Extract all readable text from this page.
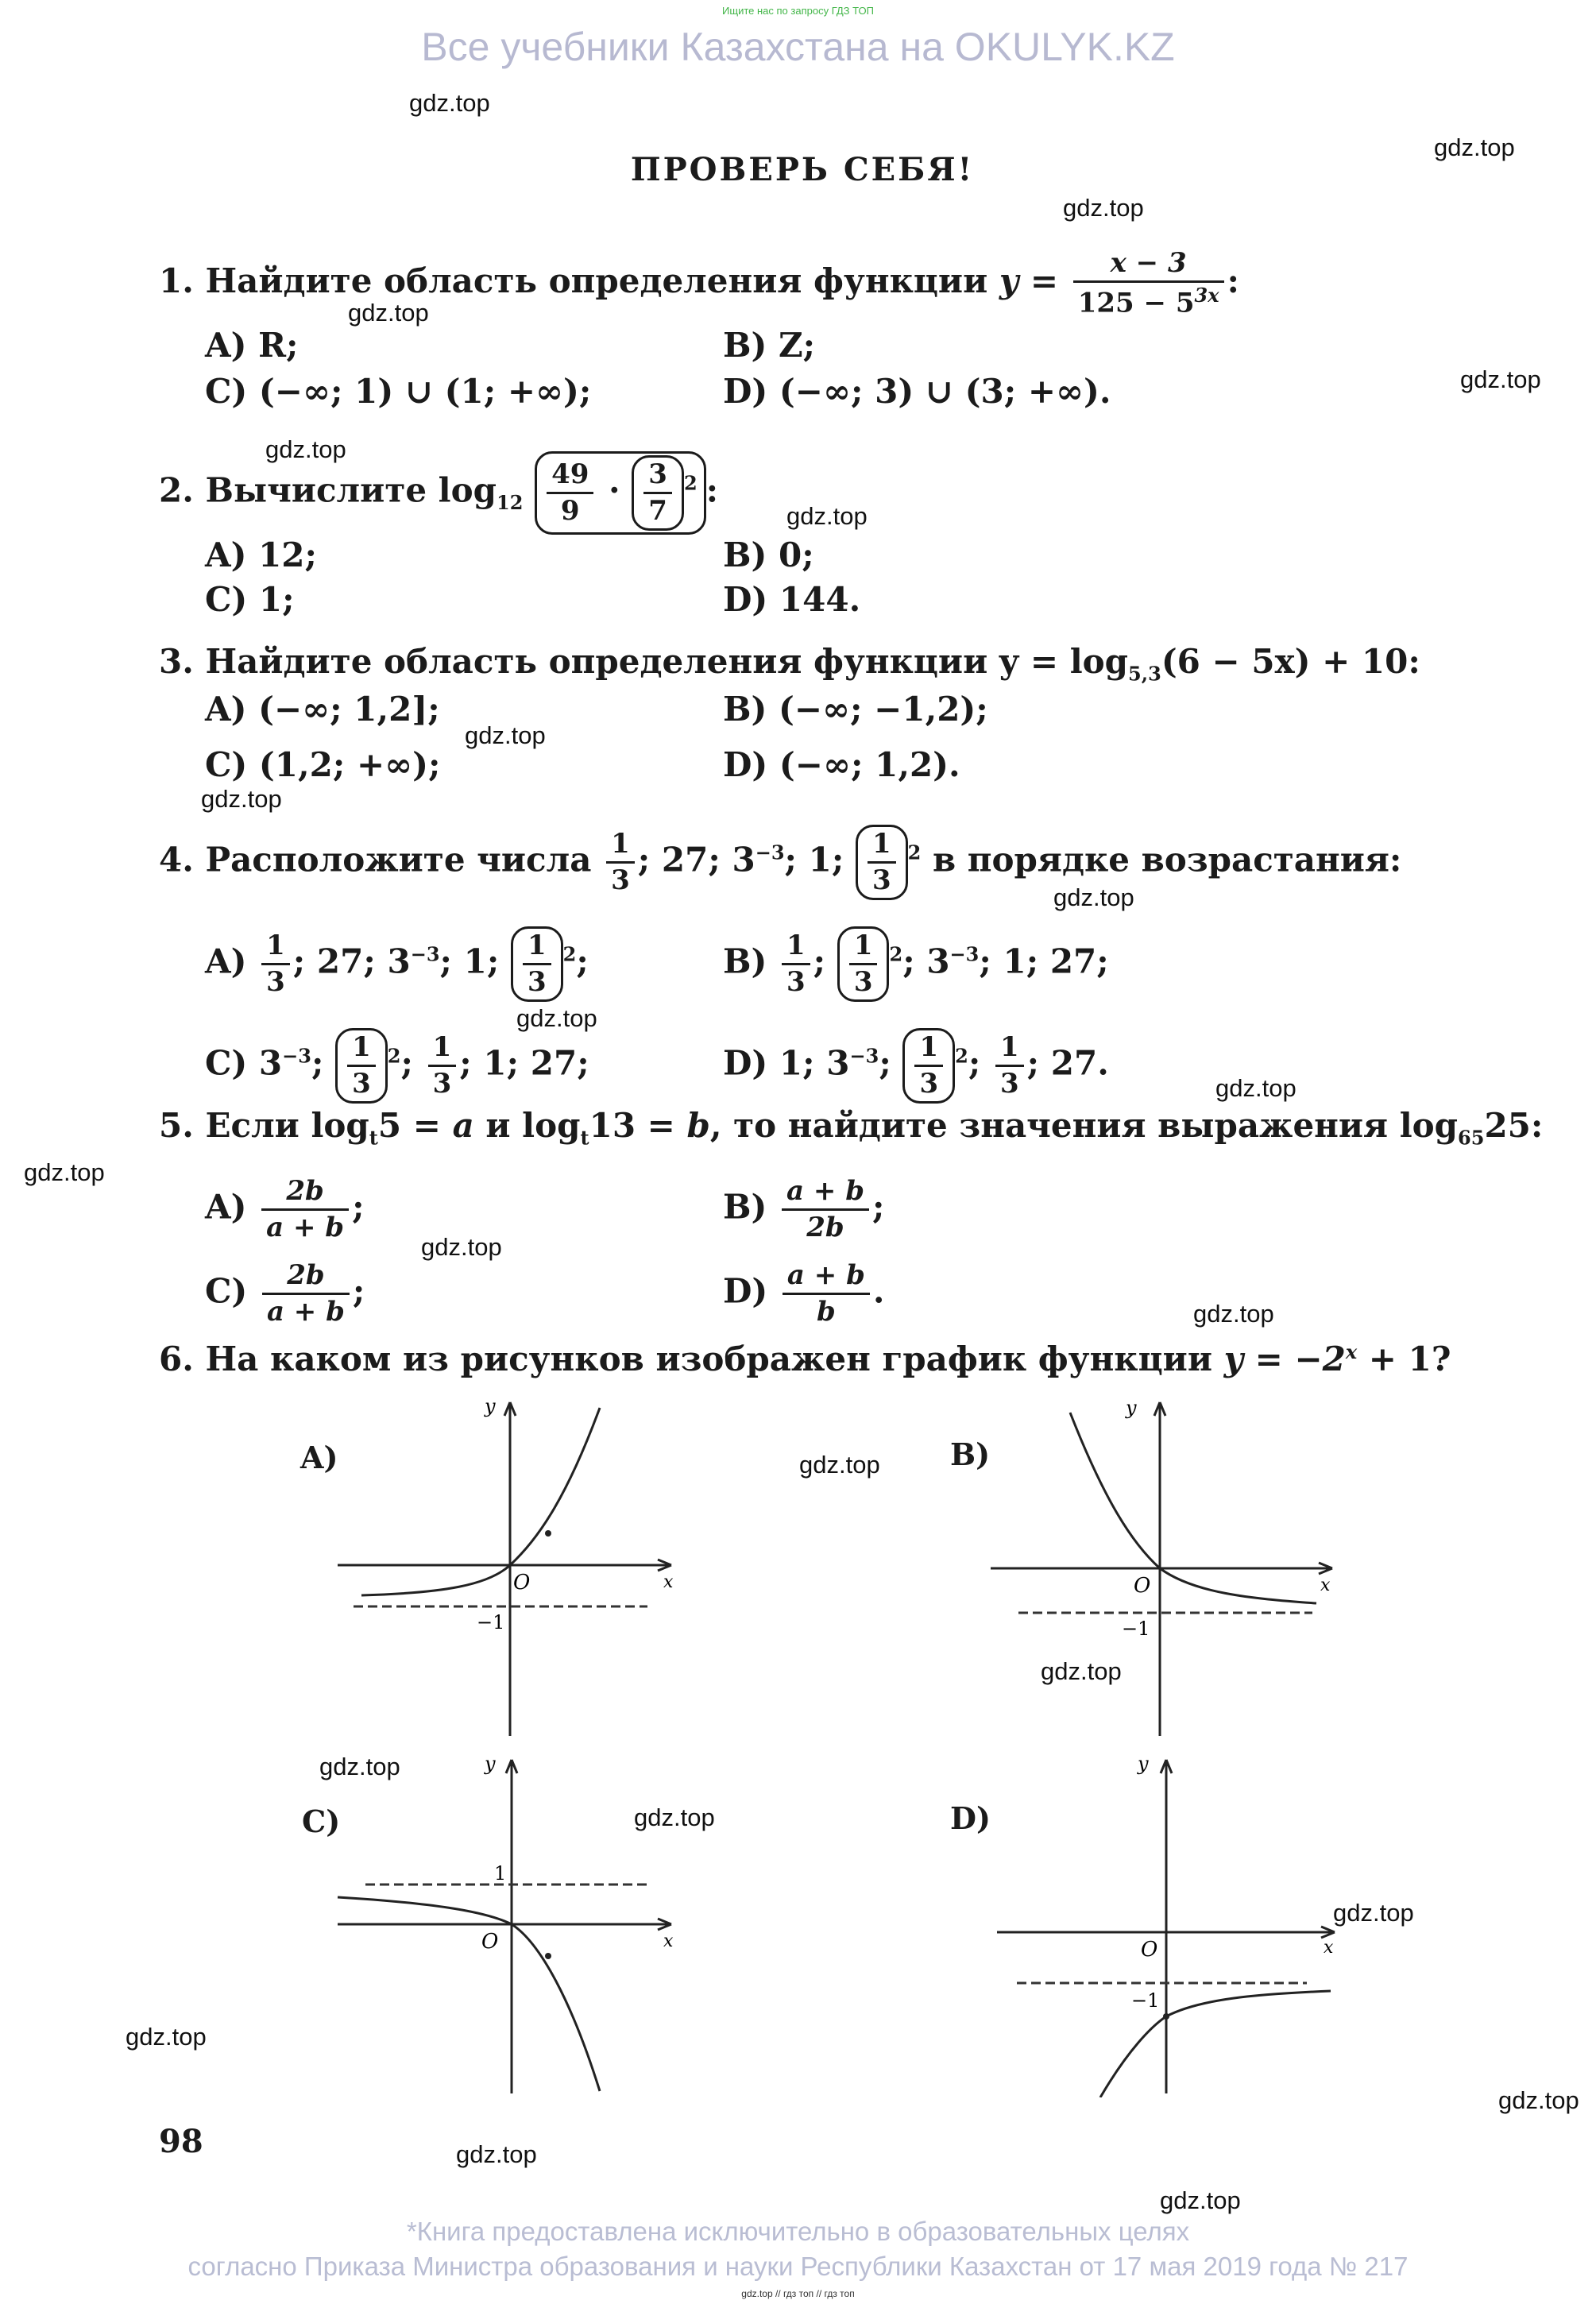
Ищите нас по запросу ГДЗ ТОП
Все учебники Казахстана на OKULYK.KZ
gdz.top
gdz.top
gdz.top
gdz.top
gdz.top
gdz.top
gdz.top
gdz.top
gdz.top
gdz.top
gdz.top
gdz.top
gdz.top
gdz.top
gdz.top
gdz.top
gdz.top
gdz.top
gdz.top
gdz.top
gdz.top
gdz.top
gdz.top
gdz.top
ПРОВЕРЬ СЕБЯ!
1. Найдите область определения функции $y = \frac{x - 3}{125 - 5^{3x}}$ :
A) R;	B) Z;
C) (−∞; 1) ∪ (1; +∞);	D) (−∞; 3) ∪ (3; +∞).
2. Вычислите $\log_{12} \frac{49}{9} \cdot \frac{3}{7} ^2$ :
A) 12;	B) 0;
C) 1;	D) 144.
3. Найдите область определения функции $y = \log_{5,3}(6 - 5x) + 10$:
A) (−∞; 1,2];	B) (−∞; −1,2);
C) (1,2; +∞);	D) (−∞; 1,2).
4. Расположите числа $\frac{1}{3}$ ; 27; $3^{-3}$; 1; $\frac{1}{3} ^2$ в порядке возрастания:
$A) \frac{1}{3}$ ; 27; $3^{-3}$; 1; $\frac{1}{3} ^2$;	$B) \frac{1}{3}$ ; $\frac{1}{3} ^2$; $3^{-3}$; 1; 27;
C) $3^{-3}$; $\frac{1}{3} ^2$; $\frac{1}{3}$ ; 1; 27;	D) 1; $3^{-3}$; $\frac{1}{3} ^2$; $\frac{1}{3}$ ; 27.
5. Если $\log_t5 = a$ и $\log_t13 = b$, то найдите значения выражения $\log_{65}25$:
$A) \frac{2b}{a + b}$ ;	$B) \frac{a + b}{2b}$ ;
$C) \frac{2b}{a + b}$ ;	$D) \frac{a + b}{b}$ .
6. На каком из рисунков изображен график функции $y = -2^x + 1$?
A)	B)
C)	D)
y
x
O
−1
y
x
O
−1
y
x
O
1
y
x
O
−1
98
*Книга предоставлена исключительно в образовательных целях
согласно Приказа Министра образования и науки Республики Казахстан от 17 мая 2019 года № 217
gdz.top // гдз топ // гдз топ
